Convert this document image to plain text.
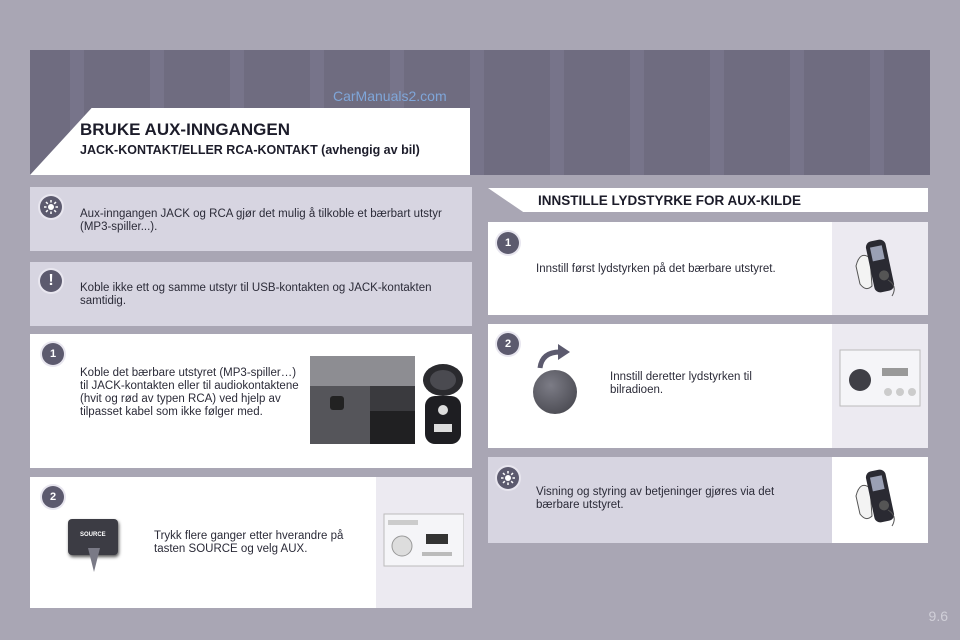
CarManuals2.com
BRUKE AUX-INNGANGEN
JACK-KONTAKT/ELLER RCA-KONTAKT (avhengig av bil)
Aux-inngangen JACK og RCA gjør det mulig å tilkoble et bærbart utstyr (MP3-spiller...).
!	Koble ikke ett og samme utstyr til USB-kontakten og JACK-kontakten samtidig.
1
Koble det bærbare utstyret (MP3-spiller…) til JACK-kontakten eller til audiokontaktene (hvit og rød av typen RCA) ved hjelp av tilpasset kabel som ikke følger med.
2
SOURCE	Trykk flere ganger etter hverandre på tasten SOURCE og velg AUX.
INNSTILLE LYDSTYRKE FOR AUX-KILDE
1
Innstill først lydstyrken på det bærbare utstyret.
2
Innstill deretter lydstyrken til bilradioen.
Visning og styring av betjeninger gjøres via det bærbare utstyret.
9.6
